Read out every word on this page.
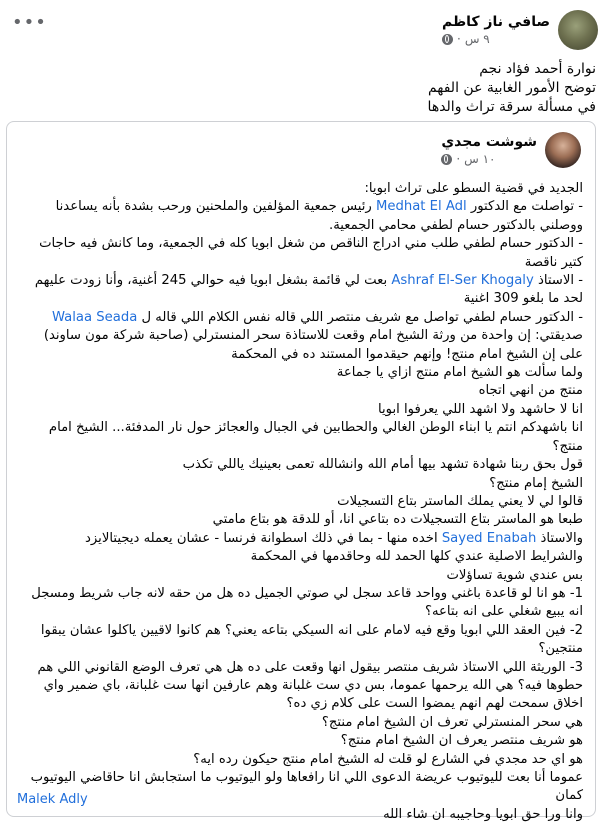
•••	صافي ناز كاظم
٩ س
·
نوارة أحمد فؤاد نجم
توضح الأمور الغابية عن الفهم
في مسألة سرقة تراث والدها
شوشت مجدي
١٠ س
·
الجديد في قضية السطو على تراث ابويا:
- تواصلت مع الدكتور Medhat El Adl رئيس جمعية المؤلفين والملحنين ورحب بشدة بأنه يساعدنا ووصلني بالدكتور حسام لطفي محامي الجمعية.
- الدكتور حسام لطفي طلب مني ادراج الناقص من شغل ابويا كله في الجمعية، وما كانش فيه حاجات كتير ناقصة
- الاستاذ Ashraf El-Ser Khogaly بعت لي قائمة بشغل ابويا فيه حوالي 245 أغنية، وأنا زودت عليهم لحد ما بلغو 309 اغنية
- الدكتور حسام لطفي تواصل مع شريف منتصر اللي قاله نفس الكلام اللي قاله ل Walaa Seada صديقتي: إن واحدة من ورثة الشيخ امام وقعت للاستاذة سحر المنسترلي (صاحبة شركة مون ساوند) على إن الشيخ امام منتج! وإنهم حيقدموا المستند ده في المحكمة
ولما سألت هو الشيخ امام منتج ازاي يا جماعة
منتج من انهي اتجاه
انا لا حاشهد ولا اشهد اللي يعرفوا ابويا
انا باشهدكم انتم يا ابناء الوطن الغالي والحطابين في الجبال والعجائز حول نار المدفئة... الشيخ امام منتج؟
قول بحق ربنا شهادة تشهد بيها أمام الله وانشالله تعمى بعينيك ياللي تكذب
الشيخ إمام منتج؟
قالوا لي لا يعني يملك الماستر بتاع التسجيلات
طبعا هو الماستر بتاع التسجيلات ده بتاعي انا، أو للدقة هو بتاع مامتي
والاستاذ Sayed Enabah اخده منها - بما في ذلك اسطوانة فرنسا - عشان يعمله ديجيتالايزد
والشرايط الاصلية عندي كلها الحمد لله وحاقدمها في المحكمة
بس عندي شوية تساؤلات
1- هو انا لو قاعدة باغني وواحد قاعد سجل لي صوتي الجميل ده هل من حقه لانه جاب شريط ومسجل انه يبيع شغلي على انه بتاعه؟
2- فين العقد اللي ابويا وقع فيه لامام على انه السيكي بتاعه يعني؟ هم كانوا لاقيين ياكلوا عشان يبقوا منتجين؟
3- الوريثة اللي الاستاذ شريف منتصر بيقول انها وقعت على ده هل هي تعرف الوضع القانوني اللي هم حطوها فيه؟ هي الله يرحمها عموما، بس دي ست غلبانة وهم عارفين انها ست غلبانة، باي ضمير واي اخلاق سمحت لهم انهم يمضوا الست على كلام زي ده؟
هي سحر المنسترلي تعرف ان الشيخ امام منتج؟
هو شريف منتصر يعرف ان الشيخ امام منتج؟
هو اي حد مجدي في الشارع لو قلت له الشيخ امام منتج حيكون رده ايه؟
عموما أنا بعت لليوتيوب عريضة الدعوى اللي انا رافعاها ولو اليوتيوب ما استجابش انا حاقاضي اليوتيوب كمان
وانا ورا حق ابويا وحاجيبه ان شاء الله
Malek Adly
